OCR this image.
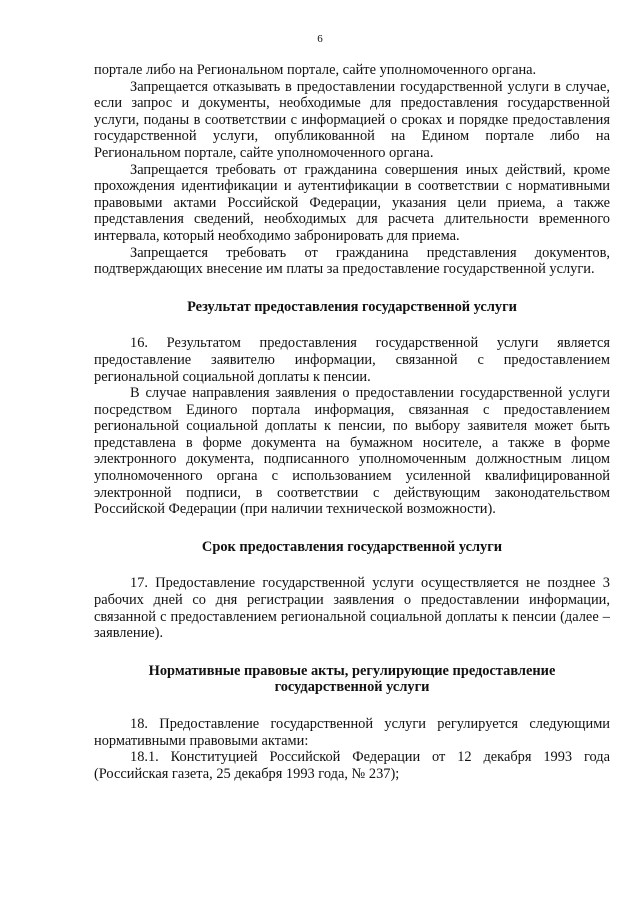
6

портале либо на Региональном портале, сайте уполномоченного органа.

Запрещается отказывать в предоставлении государственной услуги в случае, если запрос и документы, необходимые для предоставления государственной услуги, поданы в соответствии с информацией о сроках и порядке предоставления государственной услуги, опубликованной на Едином портале либо на Региональном портале, сайте уполномоченного органа.

Запрещается требовать от гражданина совершения иных действий, кроме прохождения идентификации и аутентификации в соответствии с нормативными правовыми актами Российской Федерации, указания цели приема, а также представления сведений, необходимых для расчета длительности временного интервала, который необходимо забронировать для приема.

Запрещается требовать от гражданина представления документов, подтверждающих внесение им платы за предоставление государственной услуги.

Результат предоставления государственной услуги

16. Результатом предоставления государственной услуги является предоставление заявителю информации, связанной с предоставлением региональной социальной доплаты к пенсии.

В случае направления заявления о предоставлении государственной услуги посредством Единого портала информация, связанная с предоставлением региональной социальной доплаты к пенсии, по выбору заявителя может быть представлена в форме документа на бумажном носителе, а также в форме электронного документа, подписанного уполномоченным должностным лицом уполномоченного органа с использованием усиленной квалифицированной электронной подписи, в соответствии с действующим законодательством Российской Федерации (при наличии технической возможности).

Срок предоставления государственной услуги

17. Предоставление государственной услуги осуществляется не позднее 3 рабочих дней со дня регистрации заявления о предоставлении информации, связанной с предоставлением региональной социальной доплаты к пенсии (далее – заявление).

Нормативные правовые акты, регулирующие предоставление
государственной услуги

18. Предоставление государственной услуги регулируется следующими нормативными правовыми актами:

18.1. Конституцией Российской Федерации от 12 декабря 1993 года (Российская газета, 25 декабря 1993 года, № 237);
